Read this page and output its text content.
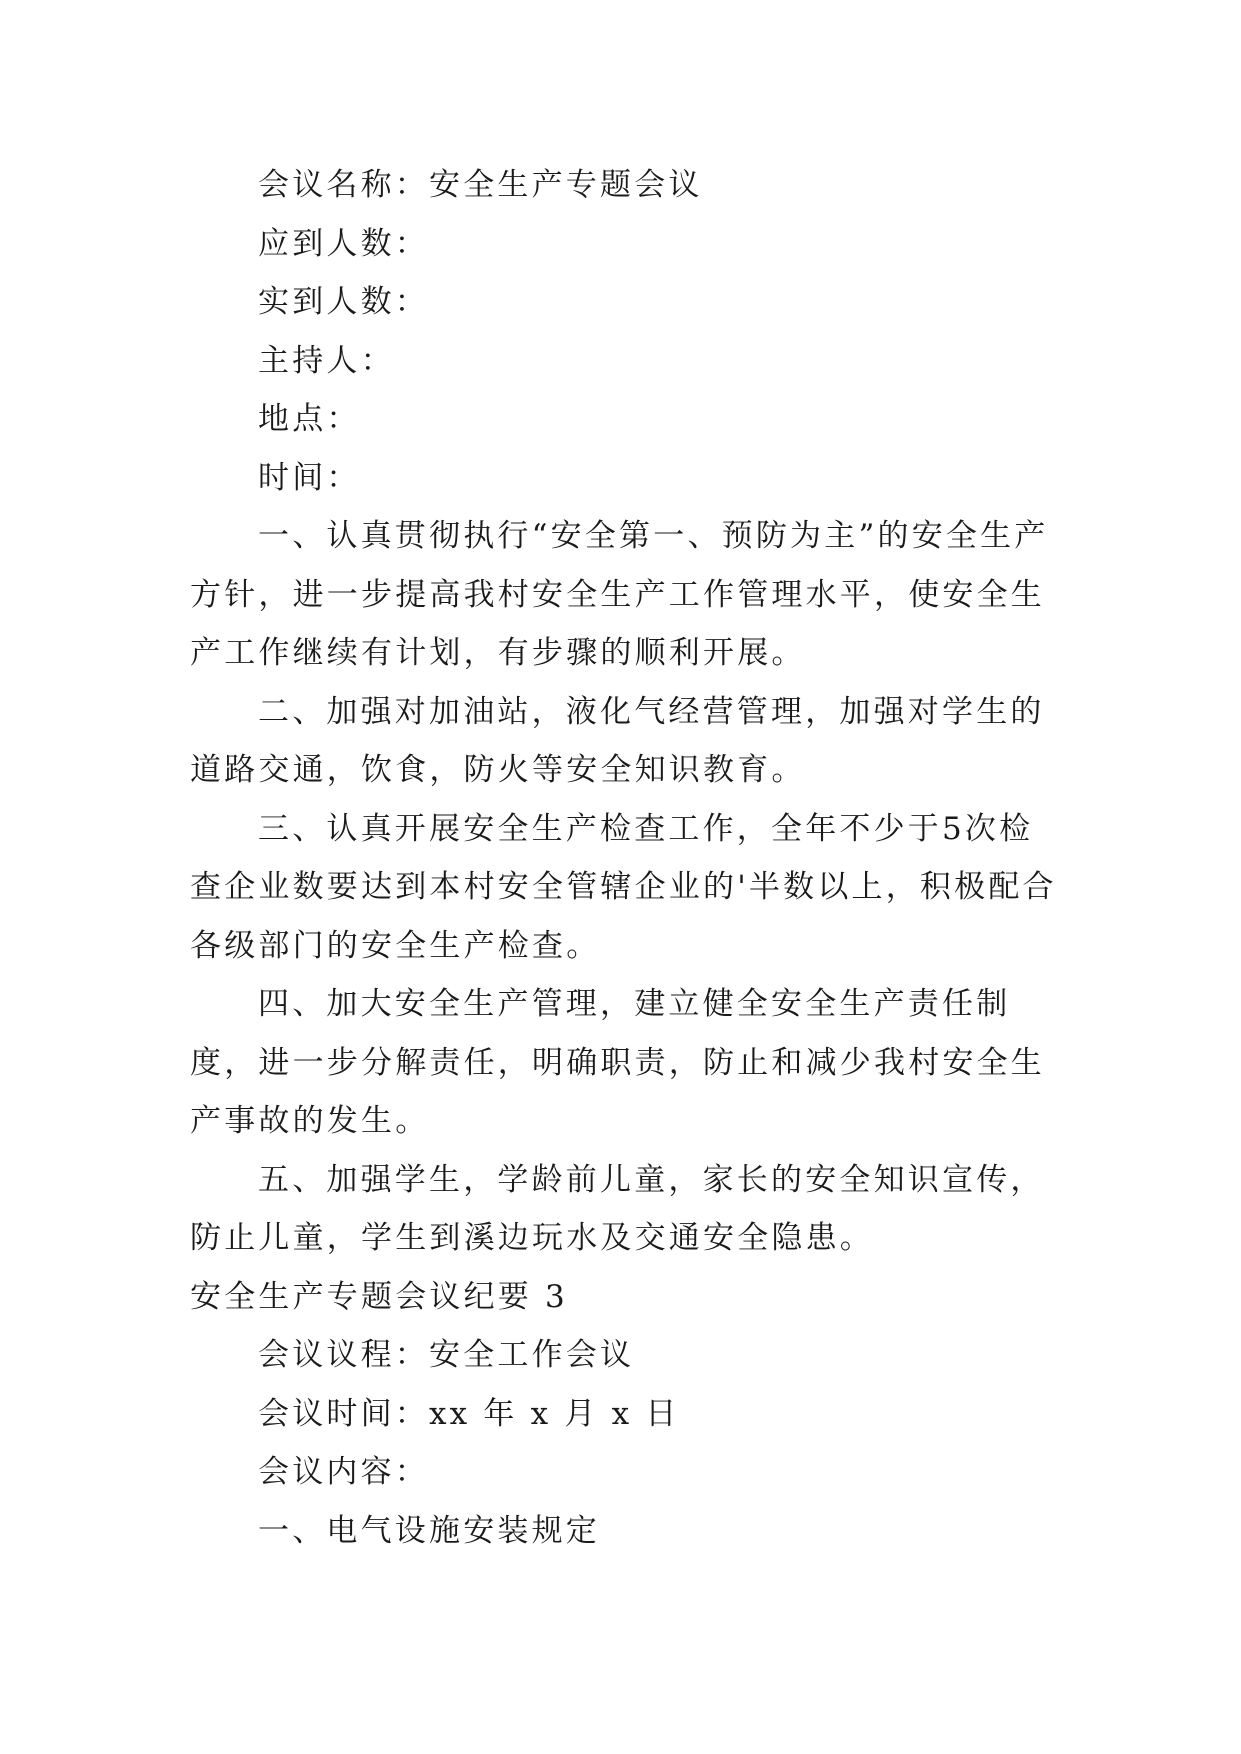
会议名称：安全生产专题会议

应到人数：

实到人数：

主持人：

地点：

时间：

一、认真贯彻执行“安全第一、预防为主”的安全生产方针，进一步提高我村安全生产工作管理水平，使安全生产工作继续有计划，有步骤的顺利开展。

二、加强对加油站，液化气经营管理，加强对学生的道路交通，饮食，防火等安全知识教育。

三、认真开展安全生产检查工作，全年不少于5次检查企业数要达到本村安全管辖企业的'半数以上，积极配合各级部门的安全生产检查。

四、加大安全生产管理，建立健全安全生产责任制度，进一步分解责任，明确职责，防止和减少我村安全生产事故的发生。

五、加强学生，学龄前儿童，家长的安全知识宣传，防止儿童，学生到溪边玩水及交通安全隐患。

安全生产专题会议纪要 3

会议议程：安全工作会议

会议时间：xx 年 x 月 x 日

会议内容：

一、电气设施安装规定
